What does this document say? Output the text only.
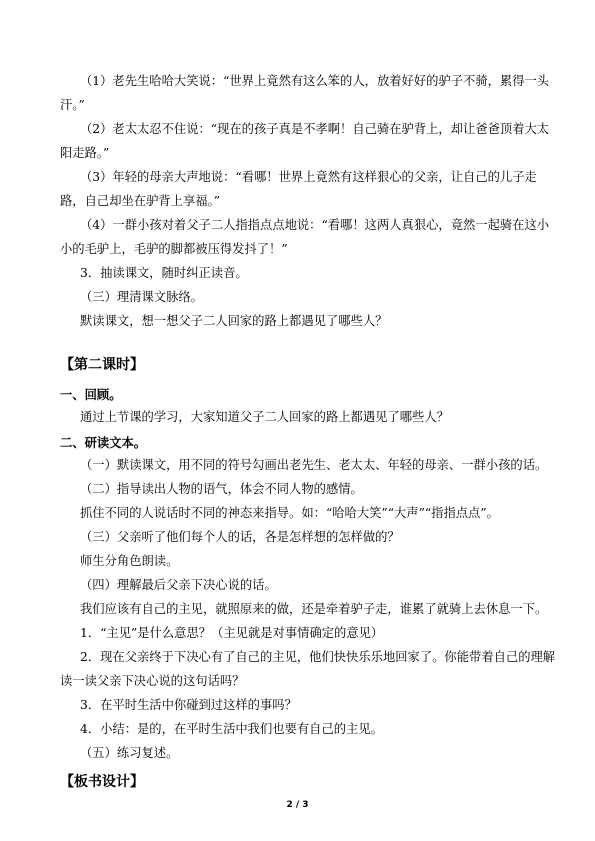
（1）老先生哈哈大笑说：“世界上竟然有这么笨的人，放着好好的驴子不骑，累得一头
汗。”
（2）老太太忍不住说：“现在的孩子真是不孝啊！自己骑在驴背上，却让爸爸顶着大太
阳走路。”
（3）年轻的母亲大声地说：“看哪！世界上竟然有这样狠心的父亲，让自己的儿子走
路，自己却坐在驴背上享福。”
（4）一群小孩对着父子二人指指点点地说：“看哪！这两人真狠心，竟然一起骑在这小
小的毛驴上，毛驴的脚都被压得发抖了！”
3．抽读课文，随时纠正读音。
（三）理清课文脉络。
默读课文，想一想父子二人回家的路上都遇见了哪些人？
【第二课时】
一、回顾。
通过上节课的学习，大家知道父子二人回家的路上都遇见了哪些人？
二、研读文本。
（一）默读课文，用不同的符号勾画出老先生、老太太、年轻的母亲、一群小孩的话。
（二）指导读出人物的语气，体会不同人物的感情。
抓住不同的人说话时不同的神态来指导。如：“哈哈大笑”“大声”“指指点点”。
（三）父亲听了他们每个人的话，各是怎样想的怎样做的？
师生分角色朗读。
（四）理解最后父亲下决心说的话。
我们应该有自己的主见，就照原来的做，还是牵着驴子走，谁累了就骑上去休息一下。
1．“主见”是什么意思？（主见就是对事情确定的意见）
2．现在父亲终于下决心有了自己的主见，他们快快乐乐地回家了。你能带着自己的理解
读一读父亲下决心说的这句话吗？
3．在平时生活中你碰到过这样的事吗？
4．小结：是的，在平时生活中我们也要有自己的主见。
（五）练习复述。
【板书设计】
2 / 3
